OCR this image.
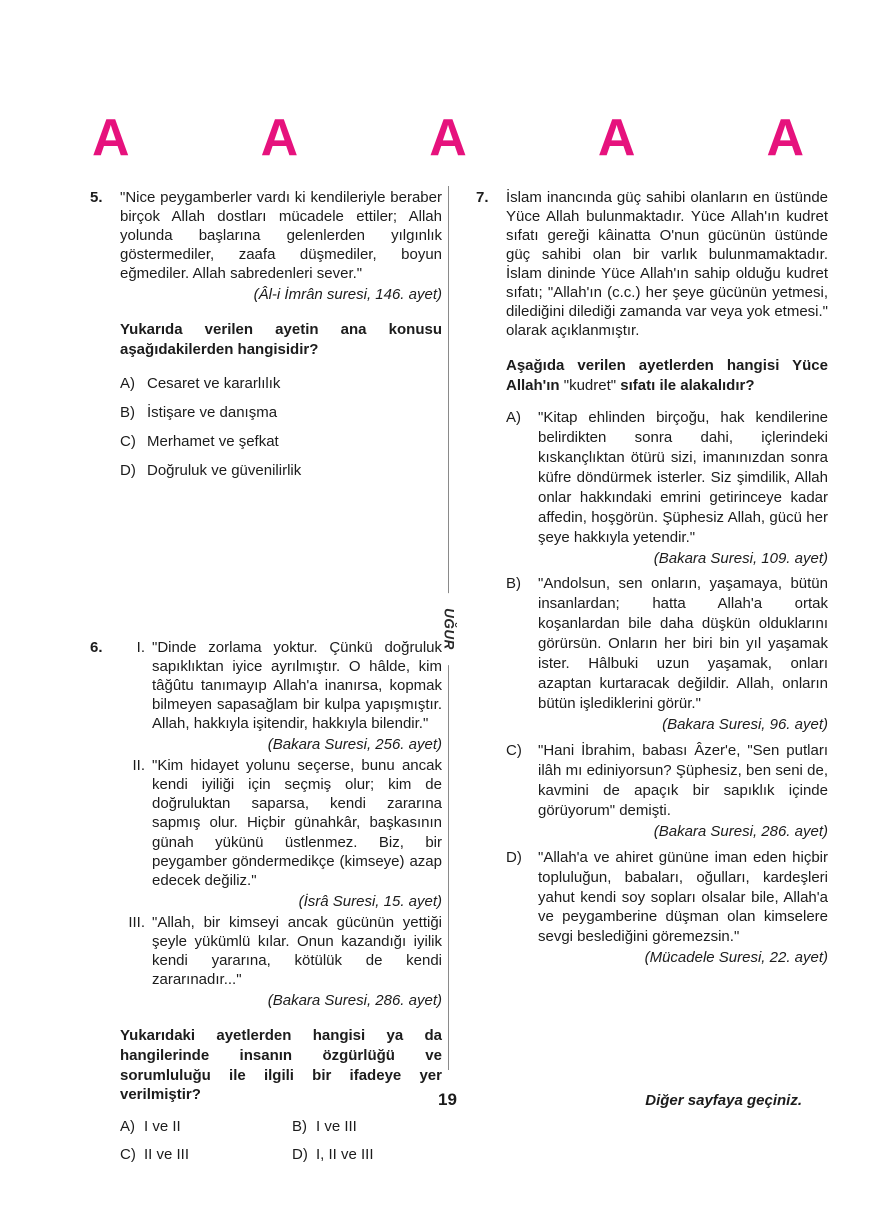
A	A	A	A	A
UĞUR
5.	"Nice peygamberler vardı ki kendileriyle beraber birçok Allah dostları mücadele ettiler; Allah yolunda başlarına gelenlerden yılgınlık göstermediler, zaafa düşmediler, boyun eğmediler. Allah sabredenleri sever."

(Âl-i İmrân suresi, 146. ayet)

Yukarıda verilen ayetin ana konusu aşağıdakilerden hangisidir?

A) Cesaret ve kararlılık
B) İstişare ve danışma
C) Merhamet ve şefkat
D) Doğruluk ve güvenilirlik
6.	I. "Dinde zorlama yoktur. Çünkü doğruluk sapıklıktan iyice ayrılmıştır. O hâlde, kim tâğûtu tanımayıp Allah'a inanırsa, kopmak bilmeyen sapasağlam bir kulpa yapışmıştır. Allah, hakkıyla işitendir, hakkıyla bilendir."
(Bakara Suresi, 256. ayet)
II. "Kim hidayet yolunu seçerse, bunu ancak kendi iyiliği için seçmiş olur; kim de doğruluktan saparsa, kendi zararına sapmış olur. Hiçbir günahkâr, başkasının günah yükünü üstlenmez. Biz, bir peygamber göndermedikçe (kimseye) azap edecek değiliz."
(İsrâ Suresi, 15. ayet)
III. "Allah, bir kimseyi ancak gücünün yettiği şeyle yükümlü kılar. Onun kazandığı iyilik kendi yararına, kötülük de kendi zararınadır..."
(Bakara Suresi, 286. ayet)

Yukarıdaki ayetlerden hangisi ya da hangilerinde insanın özgürlüğü ve sorumluluğu ile ilgili bir ifadeye yer verilmiştir?

A) I ve II	B) I ve III
C) II ve III	D) I, II ve III
7.	İslam inancında güç sahibi olanların en üstünde Yüce Allah bulunmaktadır. Yüce Allah'ın kudret sıfatı gereği kâinatta O'nun gücünün üstünde güç sahibi olan bir varlık bulunmamaktadır. İslam dininde Yüce Allah'ın sahip olduğu kudret sıfatı; "Allah'ın (c.c.) her şeye gücünün yetmesi, dilediğini dilediği zamanda var veya yok etmesi." olarak açıklanmıştır.

Aşağıda verilen ayetlerden hangisi Yüce Allah'ın "kudret" sıfatı ile alakalıdır?

A)	"Kitap ehlinden birçoğu, hak kendilerine belirdikten sonra dahi, içlerindeki kıskançlıktan ötürü sizi, imanınızdan sonra küfre döndürmek isterler. Siz şimdilik, Allah onlar hakkındaki emrini getirinceye kadar affedin, hoşgörün. Şüphesiz Allah, gücü her şeye hakkıyla yetendir."
(Bakara Suresi, 109. ayet)
B)	"Andolsun, sen onların, yaşamaya, bütün insanlardan; hatta Allah'a ortak koşanlardan bile daha düşkün olduklarını görürsün. Onların her biri bin yıl yaşamak ister. Hâlbuki uzun yaşamak, onları azaptan kurtaracak değildir. Allah, onların bütün işlediklerini görür."
(Bakara Suresi, 96. ayet)
C)	"Hani İbrahim, babası Âzer'e, "Sen putları ilâh mı ediniyorsun? Şüphesiz, ben seni de, kavmini de apaçık bir sapıklık içinde görüyorum" demişti.
(Bakara Suresi, 286. ayet)
D)	"Allah'a ve ahiret gününe iman eden hiçbir topluluğun, babaları, oğulları, kardeşleri yahut kendi soy sopları olsalar bile, Allah'a ve peygamberine düşman olan kimselere sevgi beslediğini göremezsin."
(Mücadele Suresi, 22. ayet)
19	Diğer sayfaya geçiniz.
